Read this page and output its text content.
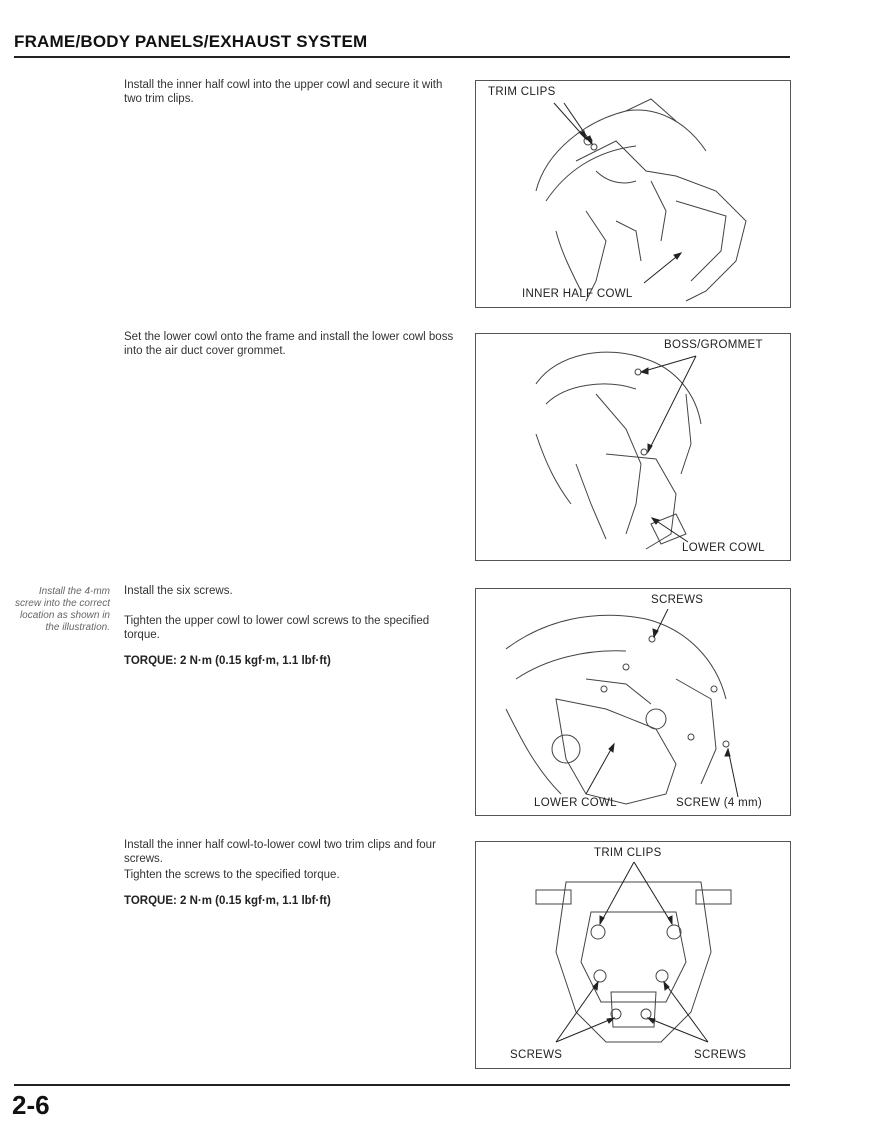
FRAME/BODY PANELS/EXHAUST SYSTEM
Install the 4-mm screw into the correct location as shown in the illustration.

Install the inner half cowl into the upper cowl and secure it with two trim clips.

Set the lower cowl onto the frame and install the lower cowl boss into the air duct cover grommet.

Install the six screws.

Tighten the upper cowl to lower cowl screws to the specified torque.

TORQUE: 2 N·m (0.15 kgf·m, 1.1 lbf·ft)

Install the inner half cowl-to-lower cowl two trim clips and four screws.

Tighten the screws to the specified torque.

TORQUE: 2 N·m (0.15 kgf·m, 1.1 lbf·ft)

TRIM CLIPS
INNER HALF COWL
BOSS/GROMMET
LOWER COWL
SCREWS
LOWER COWL	SCREW (4 mm)
TRIM CLIPS
SCREWS	SCREWS
2-6
